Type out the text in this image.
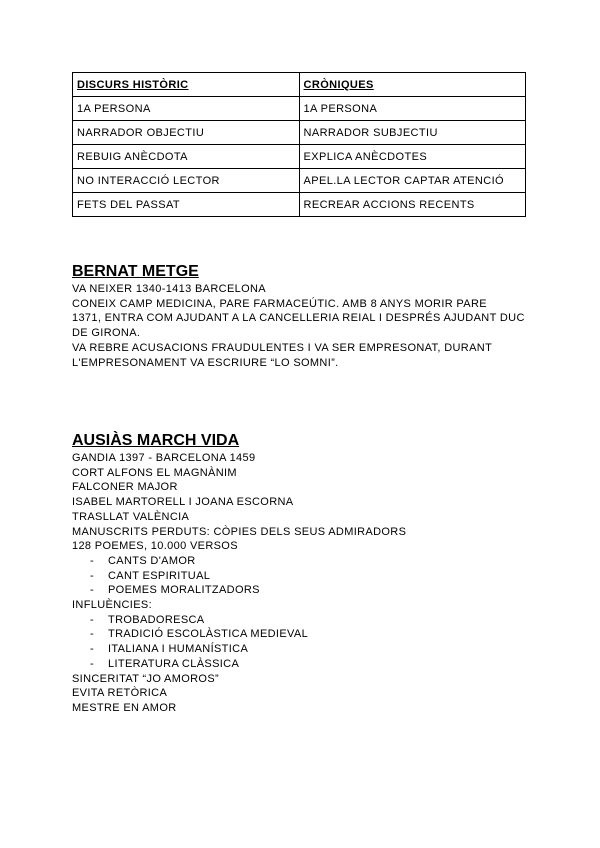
DISCURS HISTÒRIC	CRÒNIQUES
1A PERSONA	1A PERSONA
NARRADOR OBJECTIU	NARRADOR SUBJECTIU
REBUIG ANÈCDOTA	EXPLICA ANÈCDOTES
NO INTERACCIÓ LECTOR	APEL.LA LECTOR CAPTAR ATENCIÓ
FETS DEL PASSAT	RECREAR ACCIONS RECENTS
BERNAT METGE

VA NEIXER 1340-1413 BARCELONA

CONEIX CAMP MEDICINA, PARE FARMACEÚTIC. AMB 8 ANYS MORIR PARE

1371, ENTRA COM AJUDANT A LA CANCELLERIA REIAL I DESPRÉS AJUDANT DUC

DE GIRONA.

VA REBRE ACUSACIONS FRAUDULENTES I VA SER EMPRESONAT, DURANT

L'EMPRESONAMENT VA ESCRIURE “LO SOMNI”.

AUSIÀS MARCH VIDA

GANDIA 1397 - BARCELONA 1459

CORT ALFONS EL MAGNÀNIM

FALCONER MAJOR

ISABEL MARTORELL I JOANA ESCORNA

TRASLLAT VALÈNCIA

MANUSCRITS PERDUTS: CÒPIES DELS SEUS ADMIRADORS

128 POEMES, 10.000 VERSOS

- CANTS D'AMOR

- CANT ESPIRITUAL

- POEMES MORALITZADORS

INFLUÈNCIES:

- TROBADORESCA

- TRADICIÓ ESCOLÀSTICA MEDIEVAL

- ITALIANA I HUMANÍSTICA

- LITERATURA CLÀSSICA

SINCERITAT “JO AMOROS”

EVITA RETÒRICA

MESTRE EN AMOR
